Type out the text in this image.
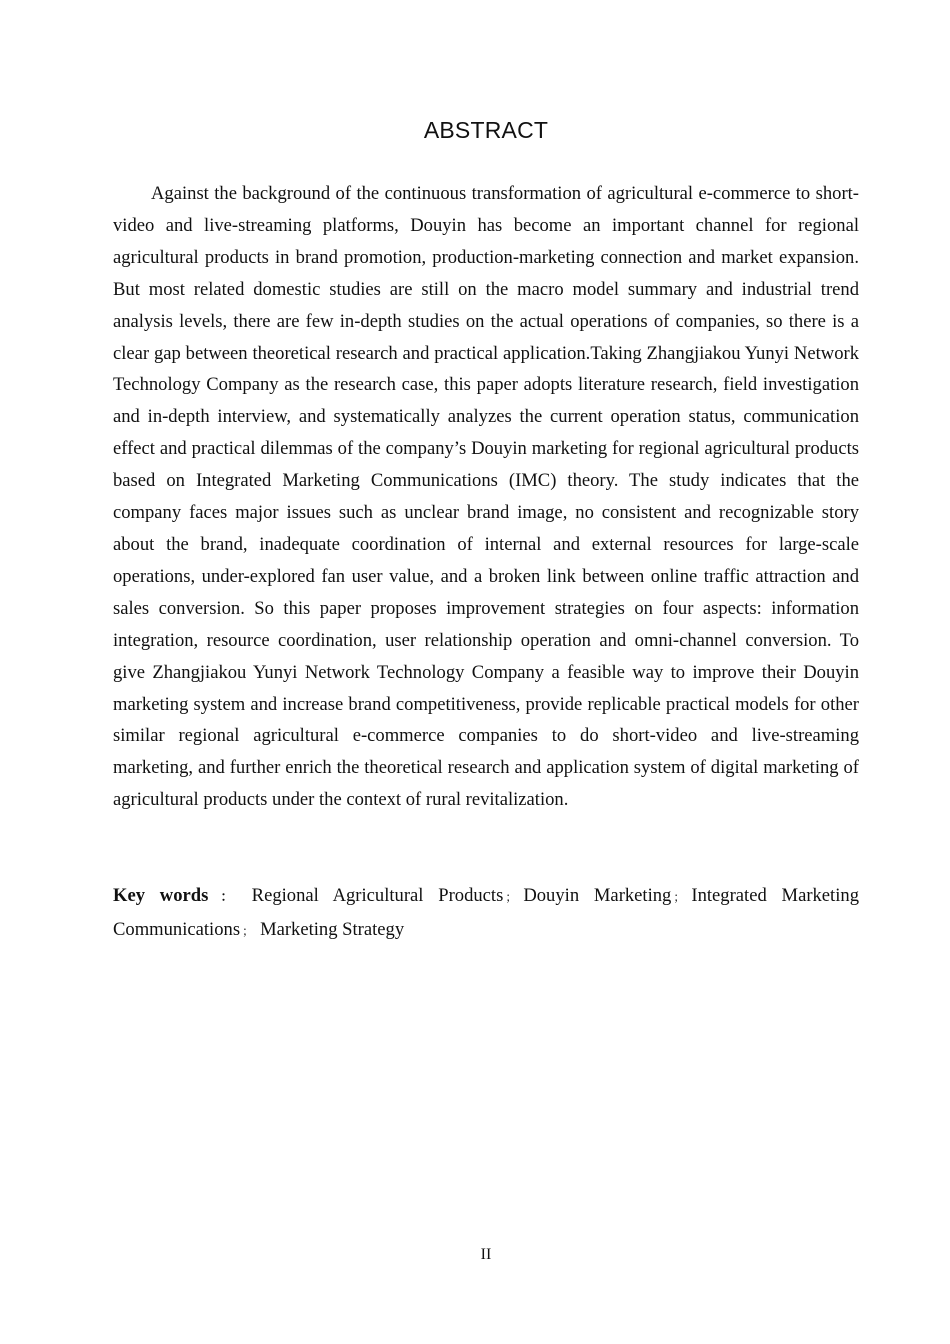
ABSTRACT

Against the background of the continuous transformation of agricultural e-commerce to short-video and live-streaming platforms, Douyin has become an important channel for regional agricultural products in brand promotion, production-marketing connection and market expansion. But most related domestic studies are still on the macro model summary and industrial trend analysis levels, there are few in-depth studies on the actual operations of companies, so there is a clear gap between theoretical research and practical application.Taking Zhangjiakou Yunyi Network Technology Company as the research case, this paper adopts literature research, field investigation and in-depth interview, and systematically analyzes the current operation status, communication effect and practical dilemmas of the company’s Douyin marketing for regional agricultural products based on Integrated Marketing Communications (IMC) theory. The study indicates that the company faces major issues such as unclear brand image, no consistent and recognizable story about the brand, inadequate coordination of internal and external resources for large-scale operations, under-explored fan user value, and a broken link between online traffic attraction and sales conversion. So this paper proposes improvement strategies on four aspects: information integration, resource coordination, user relationship operation and omni-channel conversion. To give Zhangjiakou Yunyi Network Technology Company a feasible way to improve their Douyin marketing system and increase brand competitiveness, provide replicable practical models for other similar regional agricultural e-commerce companies to do short-video and live-streaming marketing, and further enrich the theoretical research and application system of digital marketing of agricultural products under the context of rural revitalization.

Key words ： Regional Agricultural Products ； Douyin Marketing ； Integrated Marketing Communications ； Marketing Strategy

II
